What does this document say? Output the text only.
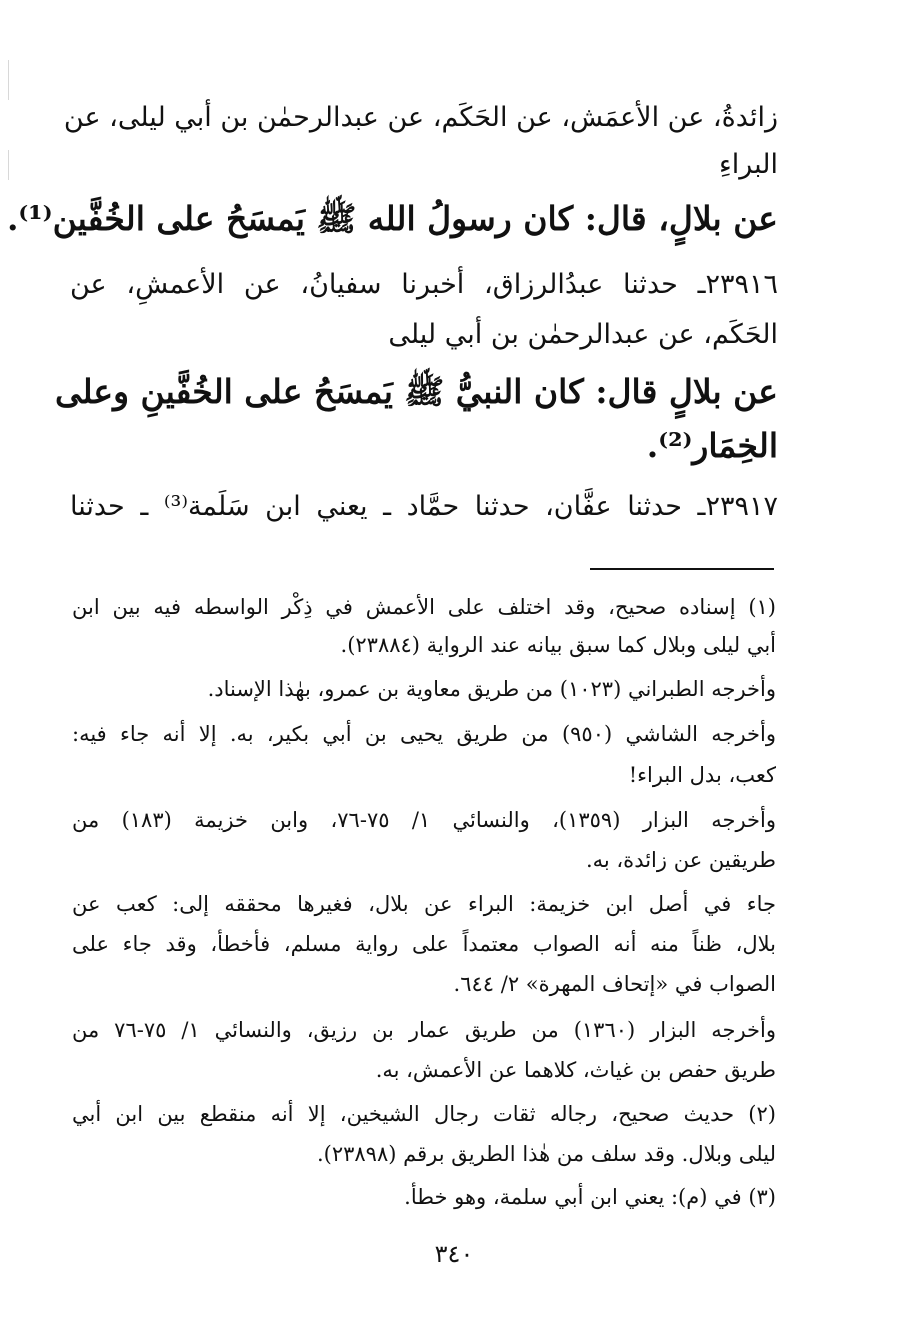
زائدةُ، عن الأعمَش، عن الحَكَم، عن عبدالرحمٰن بن أبي ليلى، عن
البراءِ
عن بلالٍ، قال: كان رسولُ الله ﷺ يَمسَحُ على الخُفَّين⁽¹⁾.
٢٣٩١٦ـ حدثنا عبدُالرزاق، أخبرنا سفيانُ، عن الأعمشِ، عن
الحَكَم، عن عبدالرحمٰن بن أبي ليلى
عن بلالٍ قال: كان النبيُّ ﷺ يَمسَحُ على الخُفَّينِ وعلى
الخِمَار⁽²⁾.
٢٣٩١٧ـ حدثنا عفَّان، حدثنا حمَّاد ـ يعني ابن سَلَمة⁽³⁾ ـ حدثنا
(١) إسناده صحيح، وقد اختلف على الأعمش في ذِكْر الواسطه فيه بين ابن
أبي ليلى وبلال كما سبق بيانه عند الرواية (٢٣٨٨٤).
وأخرجه الطبراني (١٠٢٣) من طريق معاوية بن عمرو، بهٰذا الإسناد.
وأخرجه الشاشي (٩٥٠) من طريق يحيى بن أبي بكير، به. إلا أنه جاء فيه:
كعب، بدل البراء!
وأخرجه البزار (١٣٥٩)، والنسائي ١/ ٧٥-٧٦، وابن خزيمة (١٨٣) من
طريقين عن زائدة، به.
جاء في أصل ابن خزيمة: البراء عن بلال، فغيرها محققه إلى: كعب عن
بلال، ظناً منه أنه الصواب معتمداً على رواية مسلم، فأخطأ، وقد جاء على
الصواب في «إتحاف المهرة» ٢/ ٦٤٤.
وأخرجه البزار (١٣٦٠) من طريق عمار بن رزيق، والنسائي ١/ ٧٥-٧٦ من
طريق حفص بن غياث، كلاهما عن الأعمش، به.
(٢) حديث صحيح، رجاله ثقات رجال الشيخين، إلا أنه منقطع بين ابن أبي
ليلى وبلال. وقد سلف من هٰذا الطريق برقم (٢٣٨٩٨).
(٣) في (م): يعني ابن أبي سلمة، وهو خطأ.
٣٤٠
